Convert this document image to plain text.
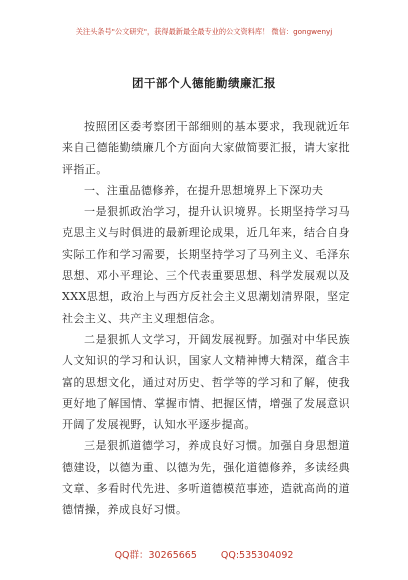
关注头条号"公文研究"，获得最新最全最专业的公文资料库！ 微信：gongwenyj
团干部个人德能勤绩廉汇报

按照团区委考察团干部细则的基本要求，我现就近年来自己德能勤绩廉几个方面向大家做简要汇报，请大家批评指正。

一、注重品德修养，在提升思想境界上下深功夫

一是狠抓政治学习，提升认识境界。长期坚持学习马克思主义与时俱进的最新理论成果，近几年来，结合自身实际工作和学习需要，长期坚持学习了马列主义、毛泽东思想、邓小平理论、三个代表重要思想、科学发展观以及XXX思想，政治上与西方反社会主义思潮划清界限，坚定社会主义、共产主义理想信念。

二是狠抓人文学习，开阔发展视野。加强对中华民族人文知识的学习和认识，国家人文精神博大精深，蕴含丰富的思想文化，通过对历史、哲学等的学习和了解，使我更好地了解国情、掌握市情、把握区情，增强了发展意识开阔了发展视野，认知水平逐步提高。

三是狠抓道德学习，养成良好习惯。加强自身思想道德建设，以德为重、以德为先，强化道德修养，多读经典文章、多看时代先进、多听道德模范事迹，造就高尚的道德情操，养成良好习惯。

QQ群：30265665	QQ:535304092
